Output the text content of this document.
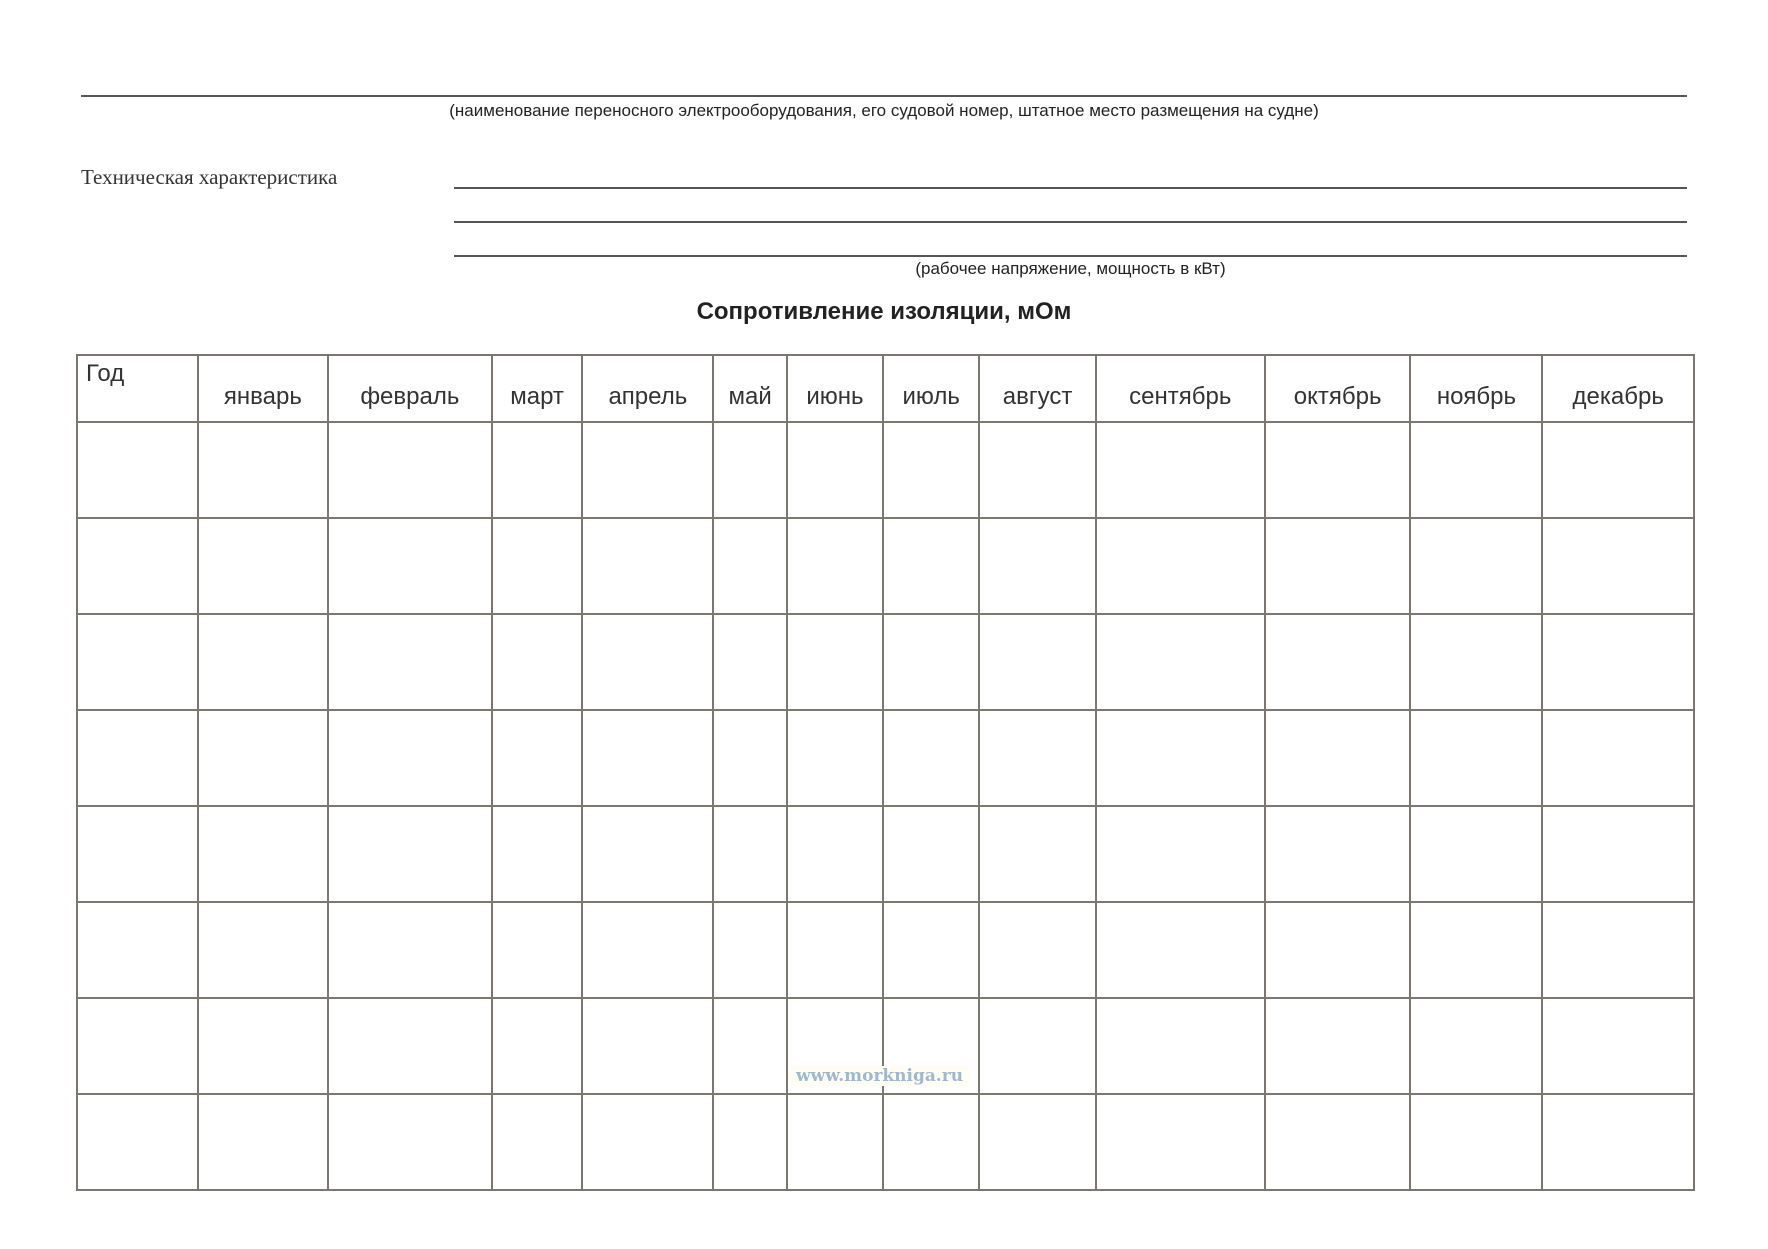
(наименование переносного электрооборудования, его судовой номер, штатное место размещения на судне)
Техническая характеристика
(рабочее напряжение, мощность в кВт)
Сопротивление изоляции, мОм
Год	январь	февраль	март	апрель	май	июнь	июль	август	сентябрь	октябрь	ноябрь	декабрь

www.morkniga.ru
